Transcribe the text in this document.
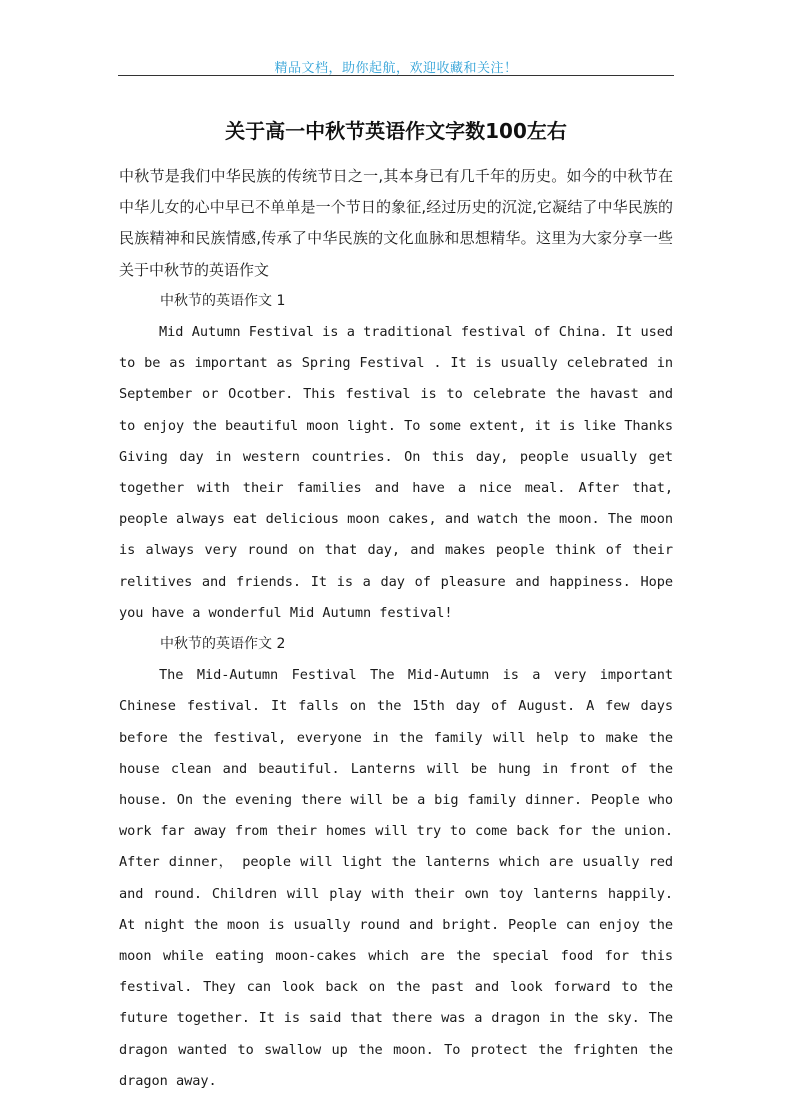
精品文档，助你起航，欢迎收藏和关注！
关于高一中秋节英语作文字数100左右

中秋节是我们中华民族的传统节日之一,其本身已有几千年的历史。如今的中秋节在中华儿女的心中早已不单单是一个节日的象征,经过历史的沉淀,它凝结了中华民族的民族精神和民族情感,传承了中华民族的文化血脉和思想精华。这里为大家分享一些关于中秋节的英语作文

中秋节的英语作文 1

Mid Autumn Festival is a traditional festival of China. It used to be as important as Spring Festival . It is usually celebrated in September or Ocotber. This festival is to celebrate the havast and to enjoy the beautiful moon light. To some extent, it is like Thanks Giving day in western countries. On this day, people usually get together with their families and have a nice meal. After that, people always eat delicious moon cakes, and watch the moon. The moon is always very round on that day, and makes people think of their relitives and friends. It is a day of pleasure and happiness. Hope you have a wonderful Mid Autumn festival!

中秋节的英语作文 2

The Mid-Autumn Festival The Mid-Autumn is a very important Chinese festival. It falls on the 15th day of August. A few days before the festival, everyone in the family will help to make the house clean and beautiful. Lanterns will be hung in front of the house. On the evening there will be a big family dinner. People who work far away from their homes will try to come back for the union. After dinner， people will light the lanterns which are usually red and round. Children will play with their own toy lanterns happily. At night the moon is usually round and bright. People can enjoy the moon while eating moon-cakes which are the special food for this festival. They can look back on the past and look forward to the future together. It is said that there was a dragon in the sky. The dragon wanted to swallow up the moon. To protect the frighten the dragon away.
